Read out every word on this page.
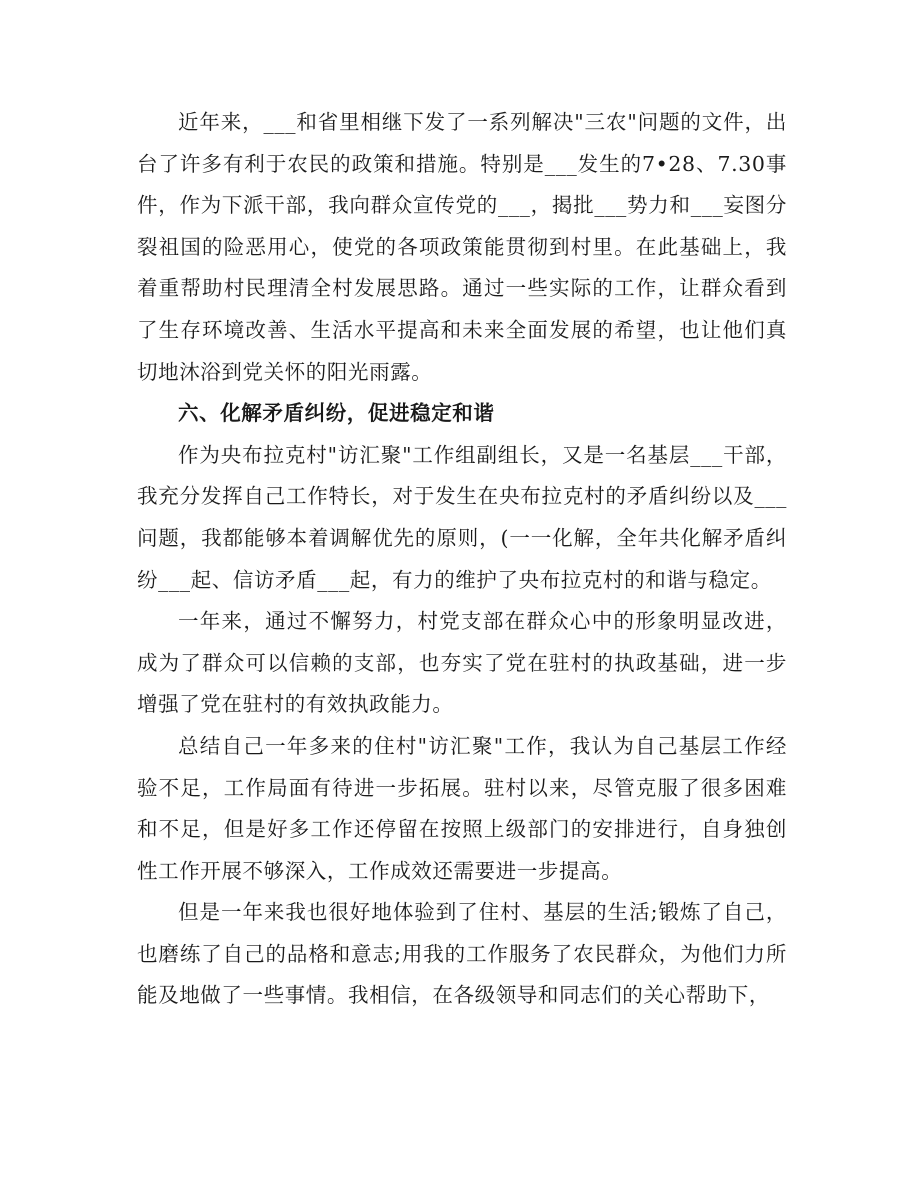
近年来，___和省里相继下发了一系列解决"三农"问题的文件，出台了许多有利于农民的政策和措施。特别是___发生的7•28、7.30事件，作为下派干部，我向群众宣传党的___，揭批___势力和___妄图分裂祖国的险恶用心，使党的各项政策能贯彻到村里。在此基础上，我着重帮助村民理清全村发展思路。通过一些实际的工作，让群众看到了生存环境改善、生活水平提高和未来全面发展的希望，也让他们真切地沐浴到党关怀的阳光雨露。

六、化解矛盾纠纷，促进稳定和谐

作为央布拉克村"访汇聚"工作组副组长，又是一名基层___干部，我充分发挥自己工作特长，对于发生在央布拉克村的矛盾纠纷以及___问题，我都能够本着调解优先的原则，(一一化解，全年共化解矛盾纠纷___起、信访矛盾___起，有力的维护了央布拉克村的和谐与稳定。

一年来，通过不懈努力，村党支部在群众心中的形象明显改进，成为了群众可以信赖的支部，也夯实了党在驻村的执政基础，进一步增强了党在驻村的有效执政能力。

总结自己一年多来的住村"访汇聚"工作，我认为自己基层工作经验不足，工作局面有待进一步拓展。驻村以来，尽管克服了很多困难和不足，但是好多工作还停留在按照上级部门的安排进行，自身独创性工作开展不够深入，工作成效还需要进一步提高。

但是一年来我也很好地体验到了住村、基层的生活;锻炼了自己，也磨练了自己的品格和意志;用我的工作服务了农民群众，为他们力所能及地做了一些事情。我相信，在各级领导和同志们的关心帮助下，
